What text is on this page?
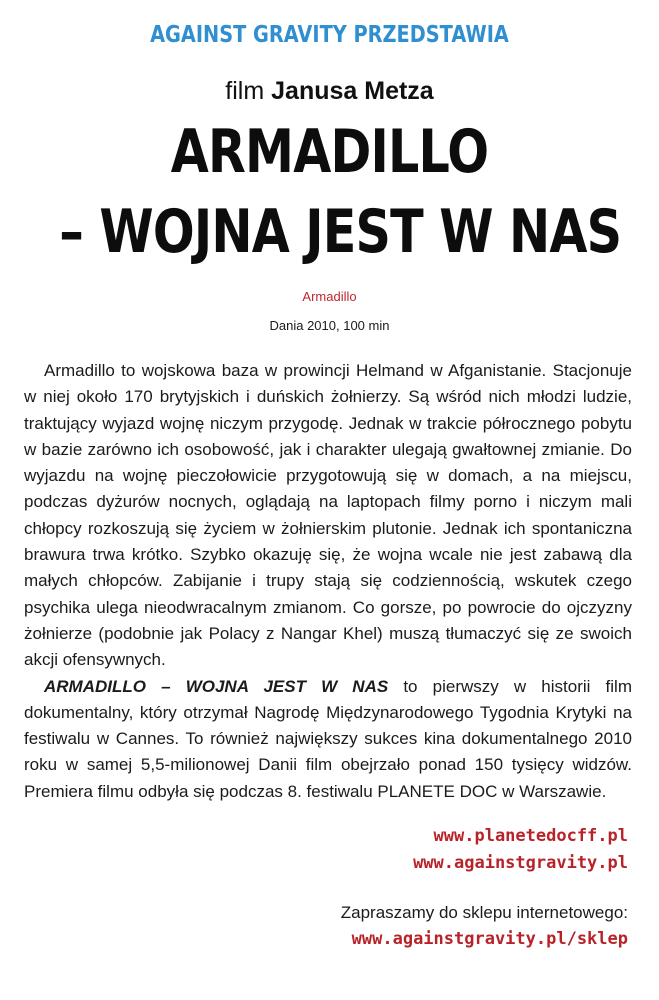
AGAINST GRAVITY PRZEDSTAWIA
film Janusa Metza
ARMADILLO
– WOJNA JEST W NAS
Armadillo
Dania 2010, 100 min

Armadillo to wojskowa baza w prowincji Helmand w Afganistanie. Stacjonuje w niej około 170 brytyjskich i duńskich żołnierzy. Są wśród nich młodzi ludzie, traktujący wyjazd wojnę niczym przygodę. Jednak w trakcie półrocznego pobytu w bazie zarówno ich osobowość, jak i charakter ulegają gwałtownej zmianie. Do wyjazdu na wojnę pieczołowicie przygotowują się w domach, a na miejscu, podczas dyżurów nocnych, oglądają na laptopach filmy porno i niczym mali chłopcy rozkoszują się życiem w żołnierskim plutonie. Jednak ich spontaniczna brawura trwa krótko. Szybko okazuję się, że wojna wcale nie jest zabawą dla małych chłopców. Zabijanie i trupy stają się codziennością, wskutek czego psychika ulega nieodwracalnym zmianom. Co gorsze, po powrocie do ojczyzny żołnierze (podobnie jak Polacy z Nangar Khel) muszą tłumaczyć się ze swoich akcji ofensywnych.

ARMADILLO – WOJNA JEST W NAS to pierwszy w historii film dokumentalny, który otrzymał Nagrodę Międzynarodowego Tygodnia Krytyki na festiwalu w Cannes. To również największy sukces kina dokumentalnego 2010 roku w samej 5,5-milionowej Danii film obejrzało ponad 150 tysięcy widzów. Premiera filmu odbyła się podczas 8. festiwalu PLANETE DOC w Warszawie.

www.planetedocff.pl
www.againstgravity.pl
Zapraszamy do sklepu internetowego:
www.againstgravity.pl/sklep
